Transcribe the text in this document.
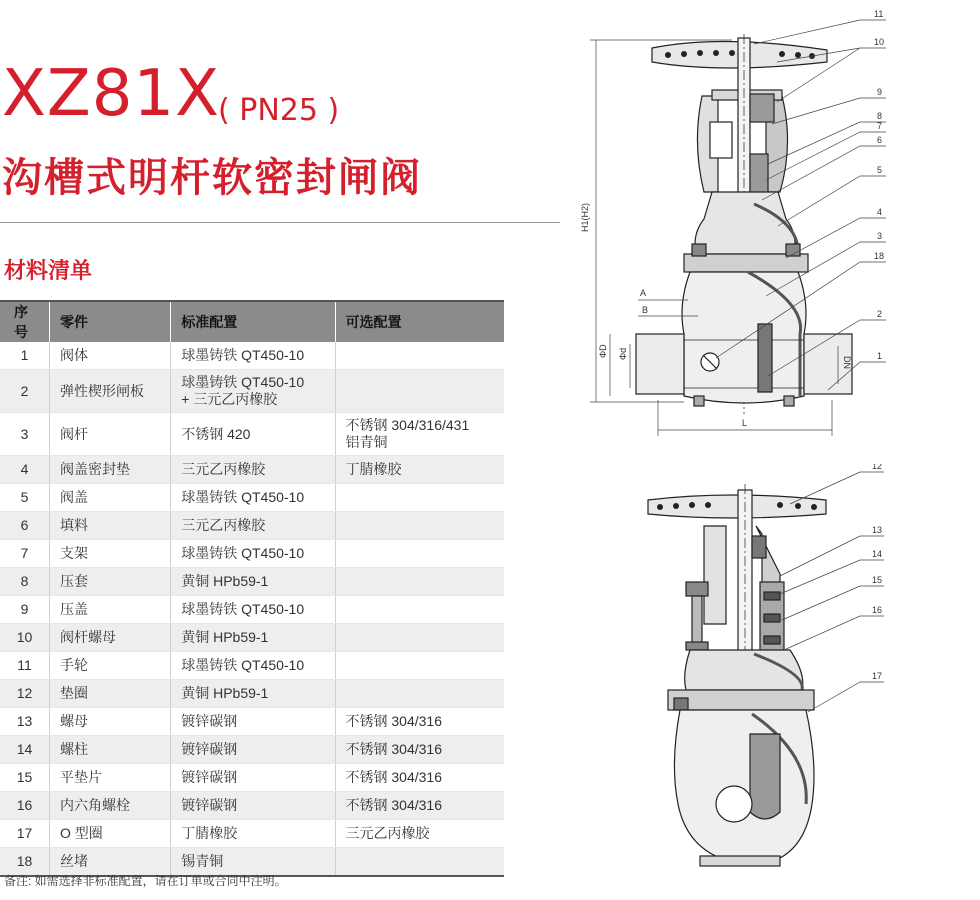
XZ81X
( PN25 )
沟槽式明杆软密封闸阀
材料清单
序号	零件	标准配置	可选配置
1	阀体	球墨铸铁 QT450-10	
2	弹性楔形闸板	球墨铸铁 QT450-10
+ 三元乙丙橡胶	
3	阀杆	不锈钢 420	不锈钢 304/316/431
铝青铜
4	阀盖密封垫	三元乙丙橡胶	丁腈橡胶
5	阀盖	球墨铸铁 QT450-10	
6	填料	三元乙丙橡胶	
7	支架	球墨铸铁 QT450-10	
8	压套	黄铜 HPb59-1	
9	压盖	球墨铸铁 QT450-10	
10	阀杆螺母	黄铜 HPb59-1	
11	手轮	球墨铸铁 QT450-10	
12	垫圈	黄铜 HPb59-1	
13	螺母	镀锌碳钢	不锈钢 304/316
14	螺柱	镀锌碳钢	不锈钢 304/316
15	平垫片	镀锌碳钢	不锈钢 304/316
16	内六角螺栓	镀锌碳钢	不锈钢 304/316
17	O 型圈	丁腈橡胶	三元乙丙橡胶
18	丝堵	锡青铜	

备注: 如需选择非标准配置，请在订单或合同中注明。

H1(H2)
A
B
ΦD Φd
DN
L
11
10
9
8
7
6
5
4
3
18
2
1
12
13
14
15
16
17
